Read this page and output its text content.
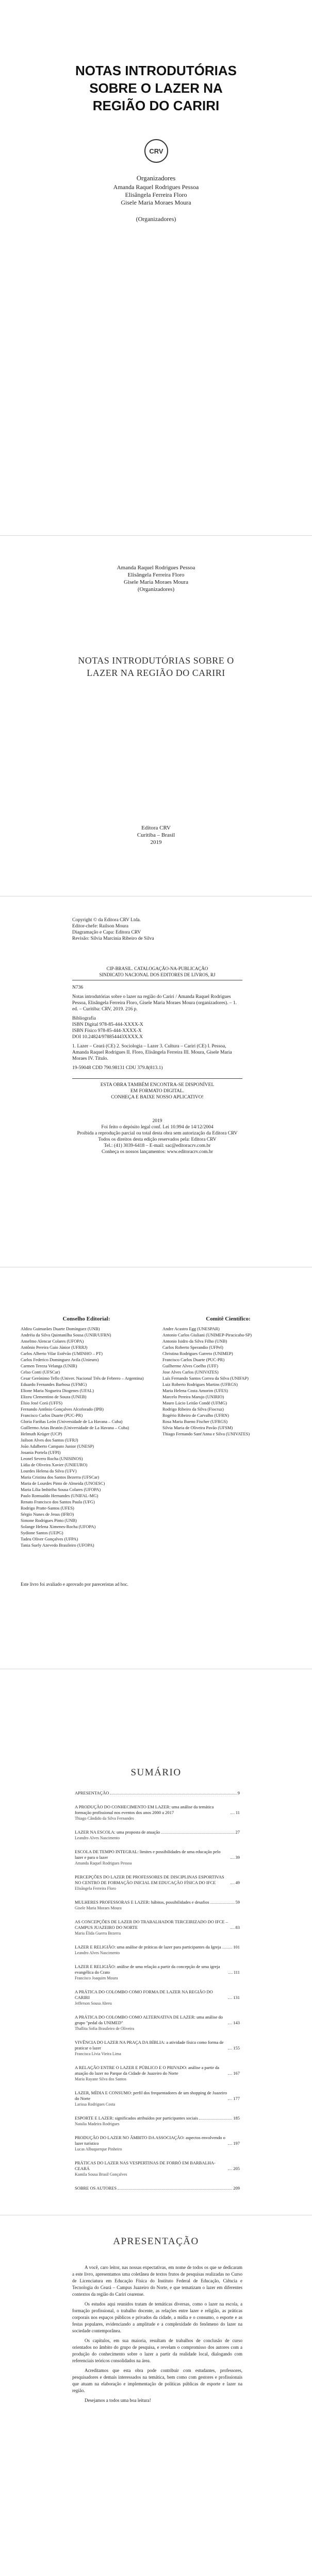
NOTAS INTRODUTÓRIAS
SOBRE O LAZER NA
REGIÃO DO CARIRI
CRV
Organizadores
Amanda Raquel Rodrigues Pessoa
Elisângela Ferreira Floro
Gisele Maria Moraes Moura
(Organizadores)
Amanda Raquel Rodrigues Pessoa
Elisângela Ferreira Floro
Gisele Maria Moraes Moura
(Organizadores)
NOTAS INTRODUTÓRIAS SOBRE O
LAZER NA REGIÃO DO CARIRI
Editora CRV
Curitiba – Brasil
2019
Copyright © da Editora CRV Ltda.
Editor-chefe: Railson Moura
Diagramação e Capa: Editora CRV
Revisão: Silvia Marcinia Ribeiro de Silva
CIP-BRASIL. CATALOGAÇÃO-NA-PUBLICAÇÃO
SINDICATO NACIONAL DOS EDITORES DE LIVROS, RJ

N736

Notas introdutórias sobre o lazer na região do Cariri / Amanda Raquel Rodrigues Pessoa, Elisângela Ferreira Floro, Gisele Maria Moraes Moura (organizadores). – 1. ed. – Curitiba: CRV, 2019. 216 p.

Bibliografia
ISBN Digital 978-85-444-XXXX-X
ISBN Físico 978-85-444-XXXX-X
DOI 10.24824/978854443XXXX.X

1. Lazer – Ceará (CE) 2. Sociologia – Lazer 3. Cultura – Cariri (CE) I. Pessoa, Amanda Raquel Rodrigues II. Floro, Elisângela Ferreira III. Moura, Gisele Maria Moraes IV. Título.

19-59048 CDD 790.98131 CDU 379.8(813.1)

ESTA OBRA TAMBÉM ENCONTRA-SE DISPONÍVEL
EM FORMATO DIGITAL.
CONHEÇA E BAIXE NOSSO APLICATIVO!
2019
Foi feito o depósito legal conf. Lei 10.994 de 14/12/2004
Proibida a reprodução parcial ou total desta obra sem autorização da Editora CRV
Todos os direitos desta edição reservados pela: Editora CRV
Tel.: (41) 3039-6418 – E-mail: sac@editoracrv.com.br
Conheça os nossos lançamentos: www.editoracrv.com.br
Conselho Editorial:
Aldira Guimarães Duarte Domínguez (UNB)
Andréia da Silva Quintanilha Sousa (UNIR/UFRN)
Anselmo Alencar Colares (UFOPA)
Antônio Pereira Gaio Júnior (UFRRJ)
Carlos Alberto Vilar Estêvão (UMINHO – PT)
Carlos Federico Dominguez Avila (Unieuro)
Carmen Tereza Velanga (UNIR)
Celso Conti (UFSCar)
Cesar Gerónimo Tello (Univer. Nacional Três de Febrero – Argentina)
Eduardo Fernandes Barbosa (UFMG)
Elione Maria Nogueira Diogenes (UFAL)
Elizeu Clementino de Souza (UNEB)
Élsio José Corá (UFFS)
Fernando Antônio Gonçalves Alcoforado (IPB)
Francisco Carlos Duarte (PUC-PR)
Gloria Fariñas León (Universidade de La Havana – Cuba)
Guillermo Arias Beatón (Universidade de La Havana – Cuba)
Helmuth Krüger (UCP)
Jailson Alves dos Santos (UFRJ)
João Adalberto Campato Junior (UNESP)
Josania Portela (UFPI)
Leonel Severo Rocha (UNISINOS)
Lídia de Oliveira Xavier (UNIEURO)
Lourdes Helena da Silva (UFV)
Maria Cristina dos Santos Bezerra (UFSCar)
Maria de Lourdes Pinto de Almeida (UNOESC)
Maria Lília Imbiriba Sousa Colares (UFOPA)
Paulo Romualdo Hernandes (UNIFAL-MG)
Renato Francisco dos Santos Paula (UFG)
Rodrigo Pratte-Santos (UFES)
Sérgio Nunes de Jesus (IFRO)
Simone Rodrigues Pinto (UNB)
Solange Helena Ximenes-Rocha (UFOPA)
Sydione Santos (UEPG)
Tadeu Oliver Gonçalves (UFPA)
Tania Suely Azevedo Brasileiro (UFOPA)
Comitê Científico:
Andre Acastro Egg (UNESPAR)
Antonio Carlos Giuliani (UNIMEP-Piracicaba-SP)
Antonio Isidro da Silva Filho (UNB)
Carlos Roberto Sperandio (UFPel)
Christina Rodrigues Garreto (UNIMEP)
Francisco Carlos Duarte (PUC-PR)
Guilherme Alves Coelho (UFF)
Jose Alves Carlos (UNIVATES)
Luís Fernando Santos Correa da Silva (UNIFAP)
Luiz Roberto Rodrigues Martins (UFRGS)
Maria Helena Costa Amorim (UFES)
Marcelo Pereira Marujo (UNIRIO)
Mauro Lúcio Leitão Condé (UFMG)
Rodrigo Ribeiro da Silva (Fiocruz)
Rogério Ribeiro de Carvalho (UFRN)
Rosa Maria Bueno Fischer (UFRGS)
Silvia Maria de Oliveira Pavão (UFSM)
Thiago Fernando Sant'Anna e Silva (UNIVATES)
Este livro foi avaliado e aprovado por pareceristas ad hoc.
SUMÁRIO
APRESENTAÇÃO	9
A PRODUÇÃO DO CONHECIMENTO EM LAZER: uma análise da temática formação profissional nos eventos dos anos 2000 a 2017	11
Thiago Cândido da Silva Fernandes
LAZER NA ESCOLA: uma proposta de atuação	27
Leandro Alves Nascimento
ESCOLA DE TEMPO INTEGRAL: limites e possibilidades de uma educação pelo lazer e para o lazer	39
Amanda Raquel Rodrigues Pessoa
PERCEPÇÕES DO LAZER DE PROFESSORES DE DISCIPLINAS ESPORTIVAS NO CENTRO DE FORMAÇÃO INICIAL EM EDUCAÇÃO FÍSICA DO IFCE	49
Elisângela Ferreira Floro
MULHERES PROFESSORAS E LAZER: hábitos, possibilidades e desafios	59
Gisele Maria Moraes Moura
AS CONCEPÇÕES DE LAZER DO TRABALHADOR TERCEIRIZADO DO IFCE – CAMPUS JUAZEIRO DO NORTE	83
Maria Élida Guerra Bezerra
LAZER E RELIGIÃO: uma análise de práticas de lazer para participantes da Igreja	101
Leandro Alves Nascimento
LAZER E RELIGIÃO: análise de uma relação a partir da concepção de uma igreja evangélica do Crato	111
Francisco Joaquim Moura
A PRÁTICA DO COLOMBO COMO FORMA DE LAZER NA REGIÃO DO CARIRI	131
Jefferson Sousa Abreu
A PRÁTICA DO COLOMBO COMO ALTERNATIVA DE LAZER: uma análise do grupo "pedal da UNIMED"	143
Thallita Sofia Brasileiro de Oliveira
VIVÊNCIA DO LAZER NA PRAÇA DA BÍBLIA: a atividade física como forma de praticar o lazer	155
Francisca Lívia Vieira Lima
A RELAÇÃO ENTRE O LAZER E PÚBLICO E O PRIVADO: análise a partir da atuação do lazer no Parque da Cidade de Juazeiro do Norte	167
Maria Rayane Silva dos Santos
LAZER, MÍDIA E CONSUMO: perfil dos frequentadores de um shopping de Juazeiro do Norte	177
Larissa Rodrigues Costa
ESPORTE E LAZER: significados atribuídos por participantes sociais	185
Natalia Madeira Rodrigues
PRODUÇÃO DO LAZER NO ÂMBITO DA ASSOCIAÇÃO: aspectos envolvendo o lazer turístico	197
Lucas Albuquerque Pinheiro
PRÁTICAS DO LAZER NAS VESPERTINAS DE FORRÓ EM BARBALHA-CEARÁ	205
Kamila Sousa Brasil Gonçalves
SOBRE OS AUTORES	209
APRESENTAÇÃO

A você, caro leitor, nas nossas expectativas, em nome de todos os que se dedicaram a este livro, apresentamos uma coletânea de textos frutos de pesquisas realizadas no Curso de Licenciatura em Educação Física do Instituto Federal de Educação, Ciência e Tecnologia do Ceará – Campus Juazeiro do Norte, e que tematizam o lazer em diferentes contextos da região do Cariri cearense.

Os estudos aqui reunidos tratam de temáticas diversas, como o lazer na escola, a formação profissional, o trabalho docente, as relações entre lazer e religião, as práticas corporais nos espaços públicos e privados da cidade, a mídia e o consumo, o esporte e as festas populares, evidenciando a amplitude e a complexidade do fenômeno do lazer na sociedade contemporânea.

Os capítulos, em sua maioria, resultam de trabalhos de conclusão de curso orientados no âmbito do grupo de pesquisa, e revelam o compromisso dos autores com a produção do conhecimento sobre o lazer a partir da realidade local, dialogando com referenciais teóricos consolidados na área.

Acreditamos que esta obra pode contribuir com estudantes, professores, pesquisadores e demais interessados na temática, bem como com gestores e profissionais que atuam na elaboração e implementação de políticas públicas de esporte e lazer na região.

Desejamos a todos uma boa leitura!
